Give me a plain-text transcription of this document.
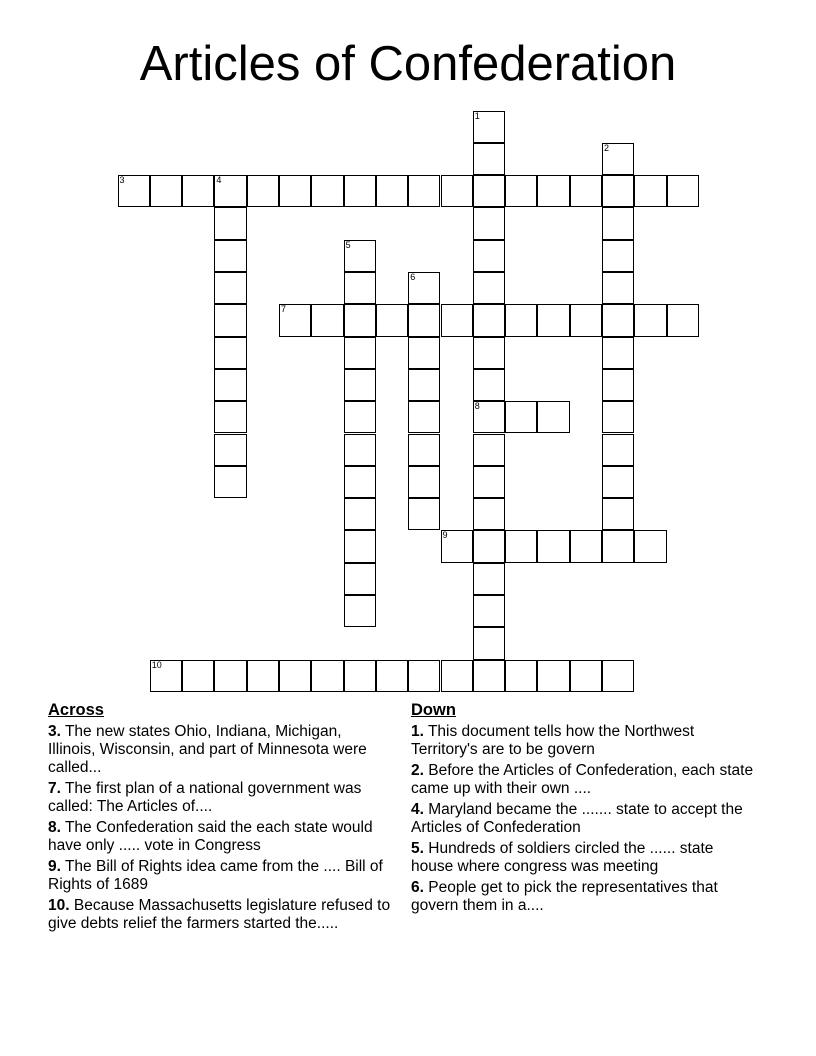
Articles of Confederation
1
8
2
3	4
5
6
7
9
10
Across
3. The new states Ohio, Indiana, Michigan, Illinois, Wisconsin, and part of Minnesota were called...
7. The first plan of a national government was called: The Articles of....
8. The Confederation said the each state would have only ..... vote in Congress
9. The Bill of Rights idea came from the .... Bill of Rights of 1689
10. Because Massachusetts legislature refused to give debts relief the farmers started the.....
Down
1. This document tells how the Northwest Territory's are to be govern
2. Before the Articles of Confederation, each state came up with their own ....
4. Maryland became the ....... state to accept the Articles of Confederation
5. Hundreds of soldiers circled the ...... state house where congress was meeting
6. People get to pick the representatives that govern them in a....
